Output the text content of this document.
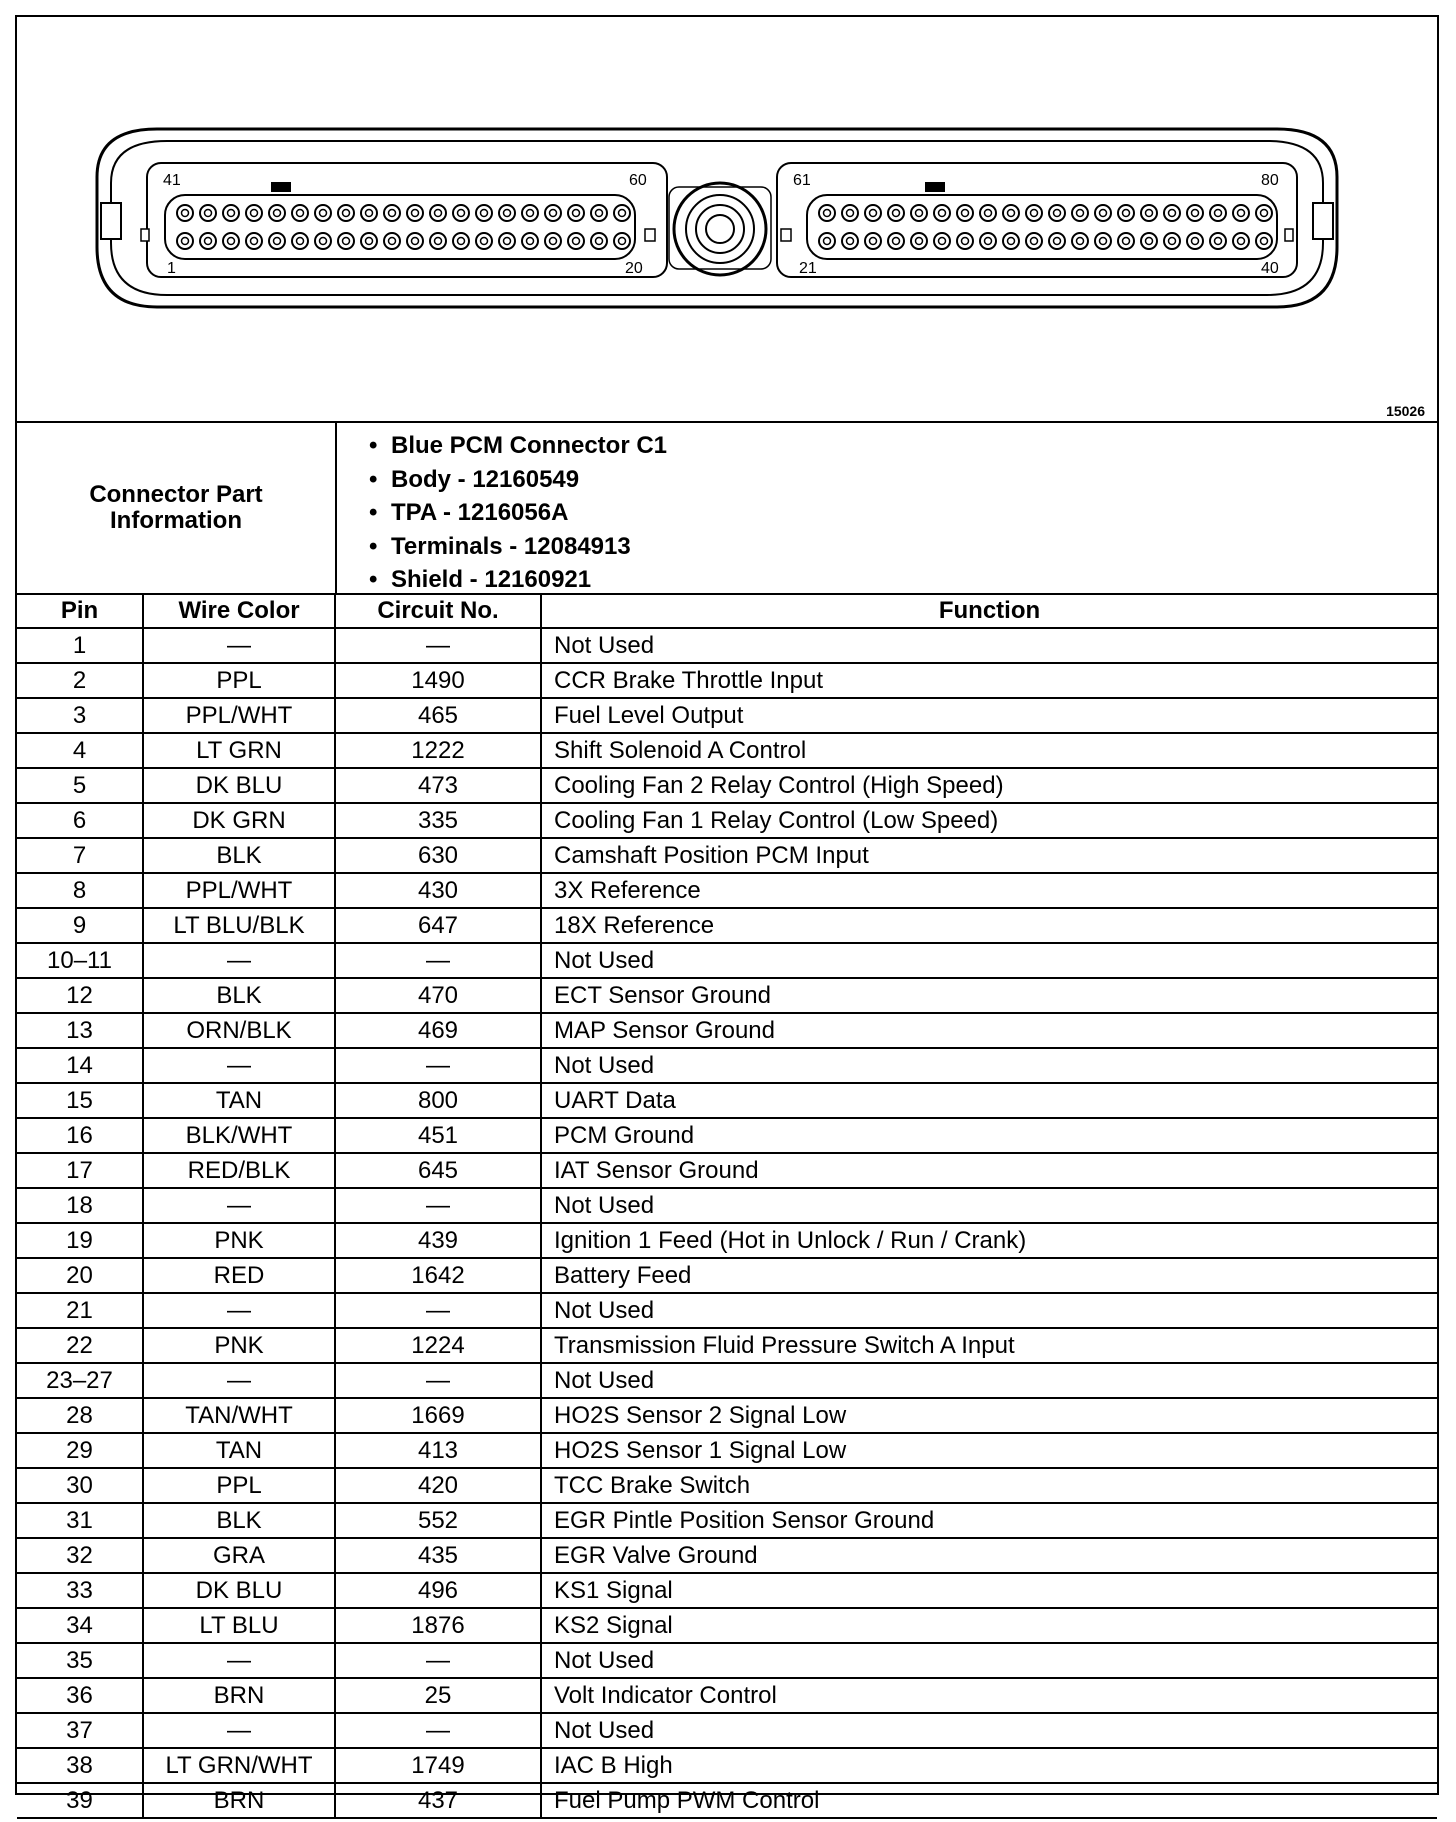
41	60
1	20
61	80
21	40
15026
Connector Part Information
• Blue PCM Connector C1
• Body - 12160549
• TPA - 1216056A
• Terminals - 12084913
• Shield - 12160921
Pin	Wire Color	Circuit No.	Function
1	—	—	Not Used
2	PPL	1490	CCR Brake Throttle Input
3	PPL/WHT	465	Fuel Level Output
4	LT GRN	1222	Shift Solenoid A Control
5	DK BLU	473	Cooling Fan 2 Relay Control (High Speed)
6	DK GRN	335	Cooling Fan 1 Relay Control (Low Speed)
7	BLK	630	Camshaft Position PCM Input
8	PPL/WHT	430	3X Reference
9	LT BLU/BLK	647	18X Reference
10–11	—	—	Not Used
12	BLK	470	ECT Sensor Ground
13	ORN/BLK	469	MAP Sensor Ground
14	—	—	Not Used
15	TAN	800	UART Data
16	BLK/WHT	451	PCM Ground
17	RED/BLK	645	IAT Sensor Ground
18	—	—	Not Used
19	PNK	439	Ignition 1 Feed (Hot in Unlock / Run / Crank)
20	RED	1642	Battery Feed
21	—	—	Not Used
22	PNK	1224	Transmission Fluid Pressure Switch A Input
23–27	—	—	Not Used
28	TAN/WHT	1669	HO2S Sensor 2 Signal Low
29	TAN	413	HO2S Sensor 1 Signal Low
30	PPL	420	TCC Brake Switch
31	BLK	552	EGR Pintle Position Sensor Ground
32	GRA	435	EGR Valve Ground
33	DK BLU	496	KS1 Signal
34	LT BLU	1876	KS2 Signal
35	—	—	Not Used
36	BRN	25	Volt Indicator Control
37	—	—	Not Used
38	LT GRN/WHT	1749	IAC B High
39	BRN	437	Fuel Pump PWM Control
